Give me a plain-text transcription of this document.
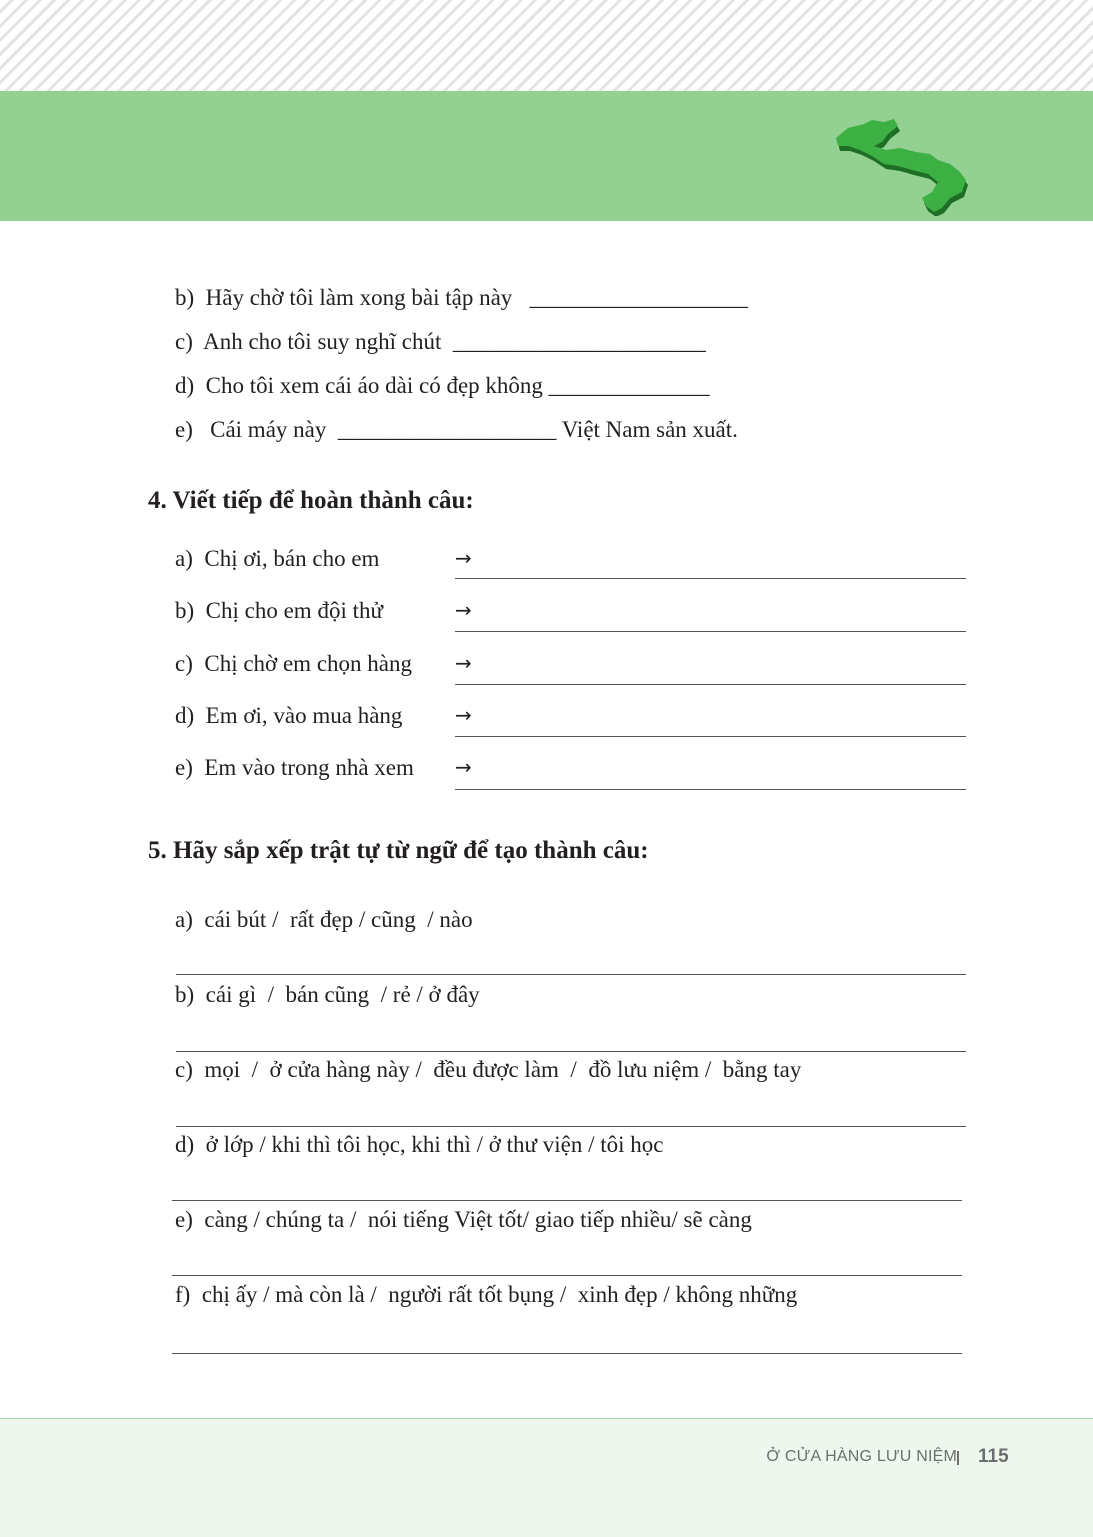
b)  Hãy chờ tôi làm xong bài tập này   ___________________
c)  Anh cho tôi suy nghĩ chút  ______________________
d)  Cho tôi xem cái áo dài có đẹp không ______________
e)   Cái máy này  ___________________ Việt Nam sản xuất.
4. Viết tiếp để hoàn thành câu:
a)  Chị ơi, bán cho em	→
b)  Chị cho em đội thử	→
c)  Chị chờ em chọn hàng →
d)  Em ơi, vào mua hàng	→
e)  Em vào trong nhà xem →
5. Hãy sắp xếp trật tự từ ngữ để tạo thành câu:
a)  cái bút /  rất đẹp / cũng  / nào
b)  cái gì  /  bán cũng  / rẻ / ở đây
c)  mọi  /  ở cửa hàng này /  đều được làm  /  đồ lưu niệm /  bằng tay
d)  ở lớp / khi thì tôi học, khi thì / ở thư viện / tôi học
e)  càng / chúng ta /  nói tiếng Việt tốt/ giao tiếp nhiều/ sẽ càng
f)  chị ấy / mà còn là /  người rất tốt bụng /  xinh đẹp / không những
Ở CỬA HÀNG LƯU NIỆM 115
